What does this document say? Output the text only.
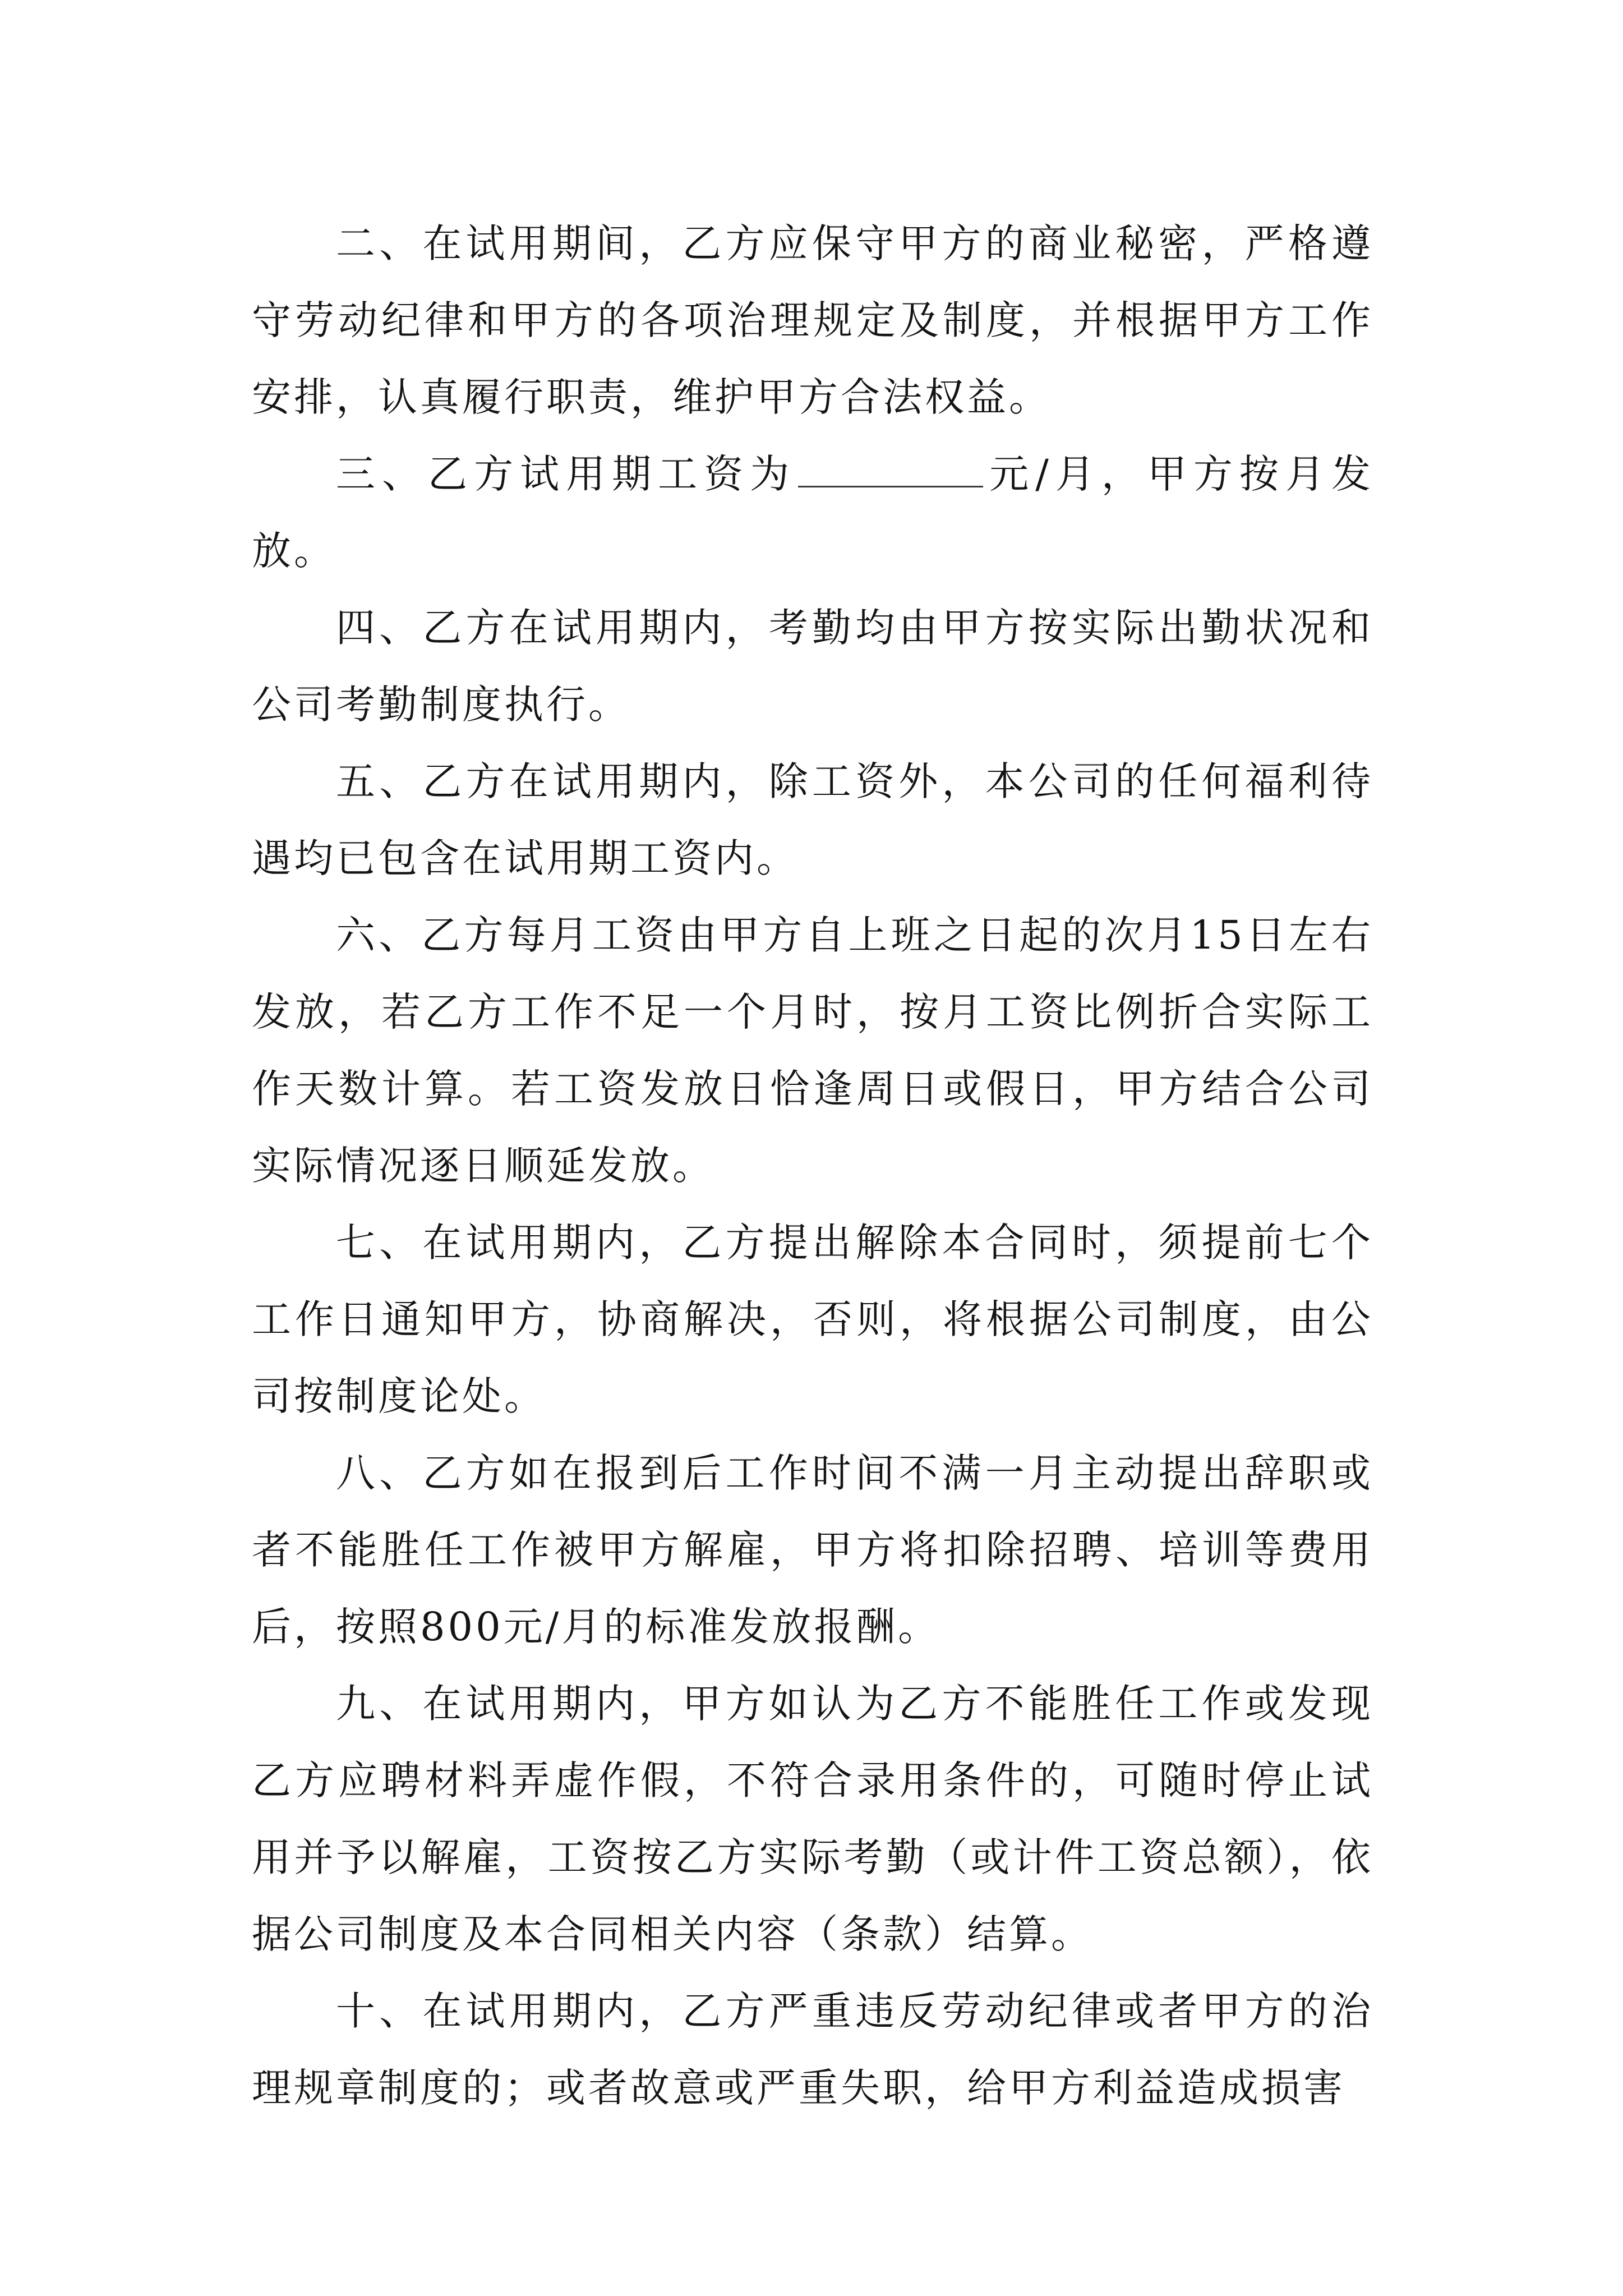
二、在试用期间，乙方应保守甲方的商业秘密，严格遵守劳动纪律和甲方的各项治理规定及制度，并根据甲方工作安排，认真履行职责，维护甲方合法权益。

三、乙方试用期工资为	元/月，甲方按月发放。

四、乙方在试用期内，考勤均由甲方按实际出勤状况和公司考勤制度执行。

五、乙方在试用期内，除工资外，本公司的任何福利待遇均已包含在试用期工资内。

六、乙方每月工资由甲方自上班之日起的次月15日左右发放，若乙方工作不足一个月时，按月工资比例折合实际工作天数计算。若工资发放日恰逢周日或假日，甲方结合公司实际情况逐日顺延发放。

七、在试用期内，乙方提出解除本合同时，须提前七个工作日通知甲方，协商解决，否则，将根据公司制度，由公司按制度论处。

八、乙方如在报到后工作时间不满一月主动提出辞职或者不能胜任工作被甲方解雇，甲方将扣除招聘、培训等费用后，按照800元/月的标准发放报酬。

九、在试用期内，甲方如认为乙方不能胜任工作或发现乙方应聘材料弄虚作假，不符合录用条件的，可随时停止试用并予以解雇，工资按乙方实际考勤（或计件工资总额），依据公司制度及本合同相关内容（条款）结算。

十、在试用期内，乙方严重违反劳动纪律或者甲方的治理规章制度的；或者故意或严重失职，给甲方利益造成损害
